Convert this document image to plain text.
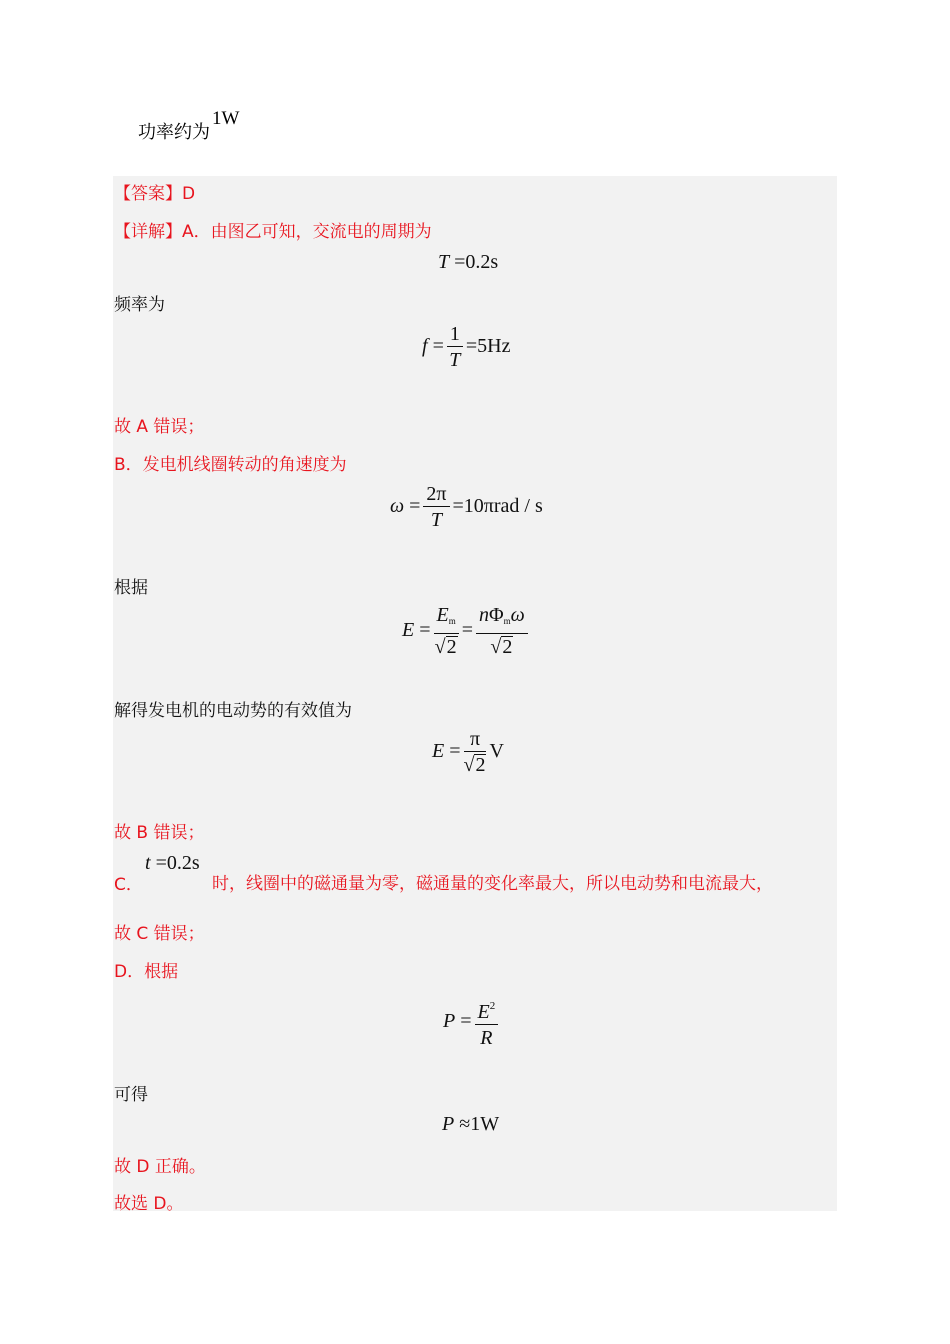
功率约为1W
【答案】D
【详解】A．由图乙可知，交流电的周期为
T =0.2s
频率为
$f = \frac{1}{T} =5Hz$
故 A 错误；
B．发电机线圈转动的角速度为
$\omega = \frac{2\pi}{T} =10\pi rad / s$
根据
$E = \frac{E_m}{√2} = \frac{n\Phi_m\omega}{√2}$
解得发电机的电动势的有效值为
$E = \frac{\pi}{√2}$ V
故 B 错误；
C．
t =0.2s
时，线圈中的磁通量为零，磁通量的变化率最大，所以电动势和电流最大，
故 C 错误；
D．根据
$P = \frac{E^2}{R}$
可得
P ≈1W
故 D 正确。
故选 D。
